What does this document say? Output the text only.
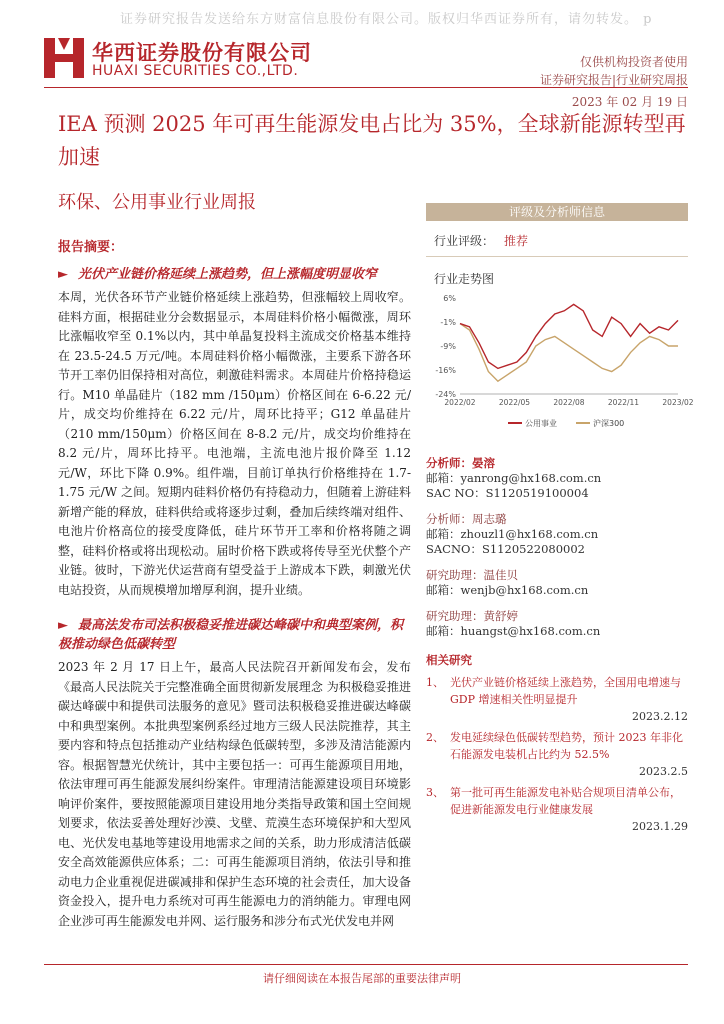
证券研究报告发送给东方财富信息股份有限公司。版权归华西证券所有，请勿转发。 p
华西证券股份有限公司
HUAXI SECURITIES CO.,LTD.
仅供机构投资者使用
证券研究报告|行业研究周报
2023 年 02 月 19 日
IEA 预测 2025 年可再生能源发电占比为 35%，全球新能源转型再加速
环保、公用事业行业周报
报告摘要：
► 光伏产业链价格延续上涨趋势，但上涨幅度明显收窄

本周，光伏各环节产业链价格延续上涨趋势，但涨幅较上周收窄。硅料方面，根据硅业分会数据显示，本周硅料价格小幅微涨，周环比涨幅收窄至 0.1%以内，其中单晶复投料主流成交价格基本维持在 23.5-24.5 万元/吨。本周硅料价格小幅微涨，主要系下游各环节开工率仍旧保持相对高位，刺激硅料需求。本周硅片价格持稳运行。M10 单晶硅片（182 mm /150μm）价格区间在 6-6.22 元/片，成交均价维持在 6.22 元/片，周环比持平；G12 单晶硅片（210 mm/150μm）价格区间在 8-8.2 元/片，成交均价维持在 8.2 元/片，周环比持平。电池端，主流电池片报价降至 1.12 元/W，环比下降 0.9%。组件端，目前订单执行价格维持在 1.7-1.75 元/W 之间。短期内硅料价格仍有持稳动力，但随着上游硅料新增产能的释放，硅料供给或将逐步过剩，叠加后续终端对组件、电池片价格高位的接受度降低，硅片环节开工率和价格将随之调整，硅料价格或将出现松动。届时价格下跌或将传导至光伏整个产业链。彼时，下游光伏运营商有望受益于上游成本下跌，刺激光伏电站投资，从而规模增加增厚利润，提升业绩。

► 最高法发布司法积极稳妥推进碳达峰碳中和典型案例，积极推动绿色低碳转型

2023 年 2 月 17 日上午，最高人民法院召开新闻发布会，发布《最高人民法院关于完整准确全面贯彻新发展理念 为积极稳妥推进碳达峰碳中和提供司法服务的意见》暨司法积极稳妥推进碳达峰碳中和典型案例。本批典型案例系经过地方三级人民法院推荐，其主要内容和特点包括推动产业结构绿色低碳转型，多涉及清洁能源内容。根据智慧光伏统计，其中主要包括一：可再生能源项目用地，依法审理可再生能源发展纠纷案件。审理清洁能源建设项目环境影响评价案件，要按照能源项目建设用地分类指导政策和国土空间规划要求，依法妥善处理好沙漠、戈壁、荒漠生态环境保护和大型风电、光伏发电基地等建设用地需求之间的关系，助力形成清洁低碳安全高效能源供应体系；二：可再生能源项目消纳，依法引导和推动电力企业重视促进碳减排和保护生态环境的社会责任，加大设备资金投入，提升电力系统对可再生能源电力的消纳能力。审理电网企业涉可再生能源发电并网、运行服务和涉分布式光伏发电并网

评级及分析师信息
行业评级： 推荐
行业走势图
6%
-1%
-9%
-16%
-24%
2022/02	2022/05	2022/08	2022/11	2023/02
公用事业	沪深300
分析师：晏溶
邮箱：yanrong@hx168.com.cn
SAC NO：S1120519100004
分析师：周志璐
邮箱：zhouzl1@hx168.com.cn
SACNO：S1120522080002
研究助理：温佳贝
邮箱：wenjb@hx168.com.cn
研究助理：黄舒婷
邮箱：huangst@hx168.com.cn
相关研究
1、 光伏产业链价格延续上涨趋势，全国用电增速与 GDP 增速相关性明显提升
2023.2.12
2、 发电延续绿色低碳转型趋势，预计 2023 年非化石能源发电装机占比约为 52.5%
2023.2.5
3、 第一批可再生能源发电补贴合规项目清单公布，促进新能源发电行业健康发展
2023.1.29
请仔细阅读在本报告尾部的重要法律声明
